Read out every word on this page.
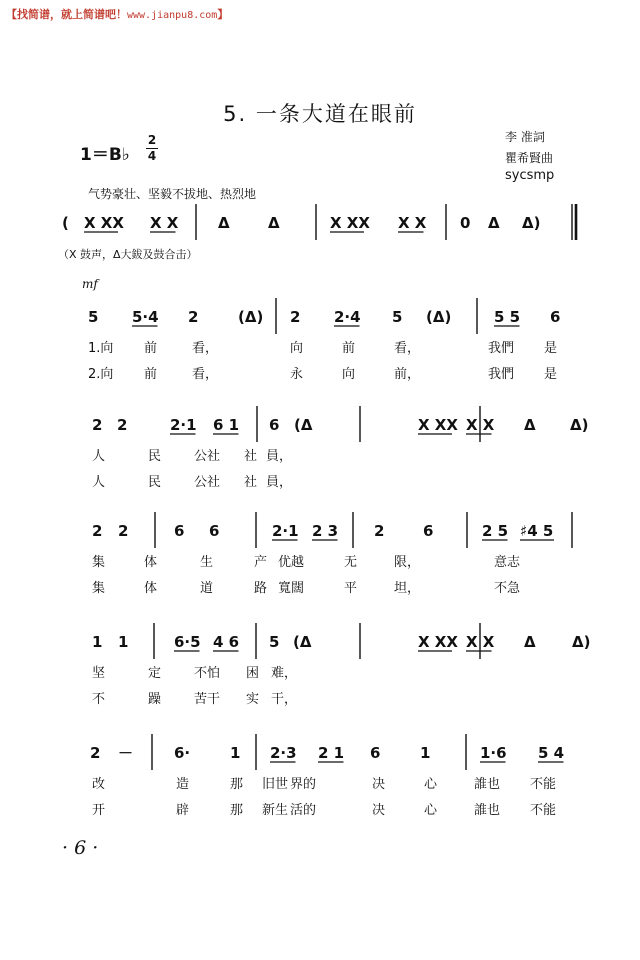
【找简谱，就上简谱吧！www.jianpu8.com】
5. 一条大道在眼前
1＝B♭
2
4
李 准詞
瞿希賢曲
sycsmp
气势豪壮、坚毅不拔地、热烈地
（X 鼓声，Δ大鈸及鼓合击）
mf
· 6 ·
( X XX X X	Δ	Δ	X XX X X 0 Δ Δ)
5 5·4 2	(Δ) 2 2·4 5 (Δ)	5 5 6
1.向 前	看，	向	前	看，	我們 是
2.向 前	看，	永	向	前，	我們 是
2 2	2·1 6 1 6 (Δ	X XX X X Δ Δ)
人	民	公社 社 員，
人	民	公社 社 員，
2 2	6 6	2·1 2 3 2	6	2 5 ♯4 5
集	体	生	产 优越	无	限，	意志
集	体	道	路 寬闊	平	坦，	不急
1 1	6·5 4 6 5 (Δ	X XX X X Δ Δ)
坚	定	不怕 困 难，
不	躁	苦干 实 干，
2 －	6·	1 2·3 2 1 6	1	1·6 5 4
改	造	那 旧世 界的	决	心	誰也 不能
开	辟	那 新生 活的	决	心	誰也 不能
